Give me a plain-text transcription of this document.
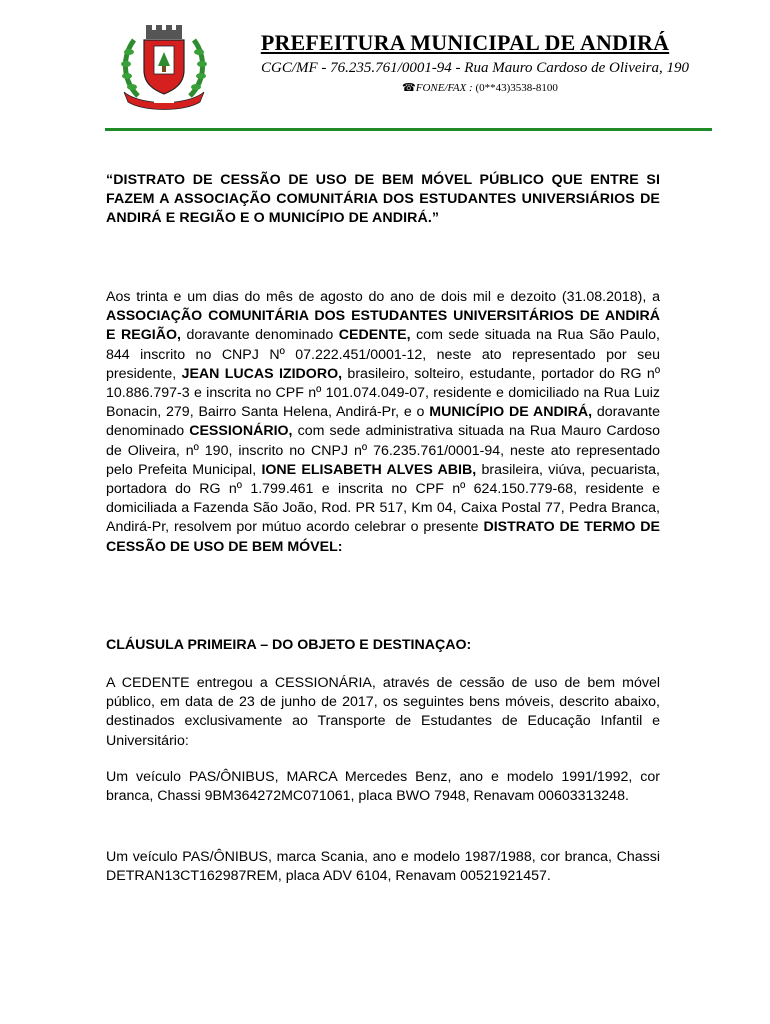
PREFEITURA MUNICIPAL DE ANDIRÁ

CGC/MF - 76.235.761/0001-94 - Rua Mauro Cardoso de Oliveira, 190
☎FONE/FAX : (0**43)3538-8100
“DISTRATO DE CESSÃO DE USO DE BEM MÓVEL PÚBLICO QUE ENTRE SI FAZEM A ASSOCIAÇÃO COMUNITÁRIA DOS ESTUDANTES UNIVERSIÁRIOS DE ANDIRÁ E REGIÃO E O MUNICÍPIO DE ANDIRÁ.”
Aos trinta e um dias do mês de agosto do ano de dois mil e dezoito (31.08.2018), a ASSOCIAÇÃO COMUNITÁRIA DOS ESTUDANTES UNIVERSITÁRIOS DE ANDIRÁ E REGIÃO, doravante denominado CEDENTE, com sede situada na Rua São Paulo, 844 inscrito no CNPJ Nº 07.222.451/0001-12, neste ato representado por seu presidente, JEAN LUCAS IZIDORO, brasileiro, solteiro, estudante, portador do RG nº 10.886.797-3 e inscrita no CPF nº 101.074.049-07, residente e domiciliado na Rua Luiz Bonacin, 279, Bairro Santa Helena, Andirá-Pr, e o MUNICÍPIO DE ANDIRÁ, doravante denominado CESSIONÁRIO, com sede administrativa situada na Rua Mauro Cardoso de Oliveira, nº 190, inscrito no CNPJ nº 76.235.761/0001-94, neste ato representado pelo Prefeita Municipal, IONE ELISABETH ALVES ABIB, brasileira, viúva, pecuarista, portadora do RG nº 1.799.461 e inscrita no CPF nº 624.150.779-68, residente e domiciliada a Fazenda São João, Rod. PR 517, Km 04, Caixa Postal 77, Pedra Branca, Andirá-Pr, resolvem por mútuo acordo celebrar o presente DISTRATO DE TERMO DE CESSÃO DE USO DE BEM MÓVEL:
CLÁUSULA PRIMEIRA – DO OBJETO E DESTINAÇAO:
A CEDENTE entregou a CESSIONÁRIA, através de cessão de uso de bem móvel público, em data de 23 de junho de 2017, os seguintes bens móveis, descrito abaixo, destinados exclusivamente ao Transporte de Estudantes de Educação Infantil e Universitário:
Um veículo PAS/ÔNIBUS, MARCA Mercedes Benz, ano e modelo 1991/1992, cor branca, Chassi 9BM364272MC071061, placa BWO 7948, Renavam 00603313248.
Um veículo PAS/ÔNIBUS, marca Scania, ano e modelo 1987/1988, cor branca, Chassi DETRAN13CT162987REM, placa ADV 6104, Renavam 00521921457.
